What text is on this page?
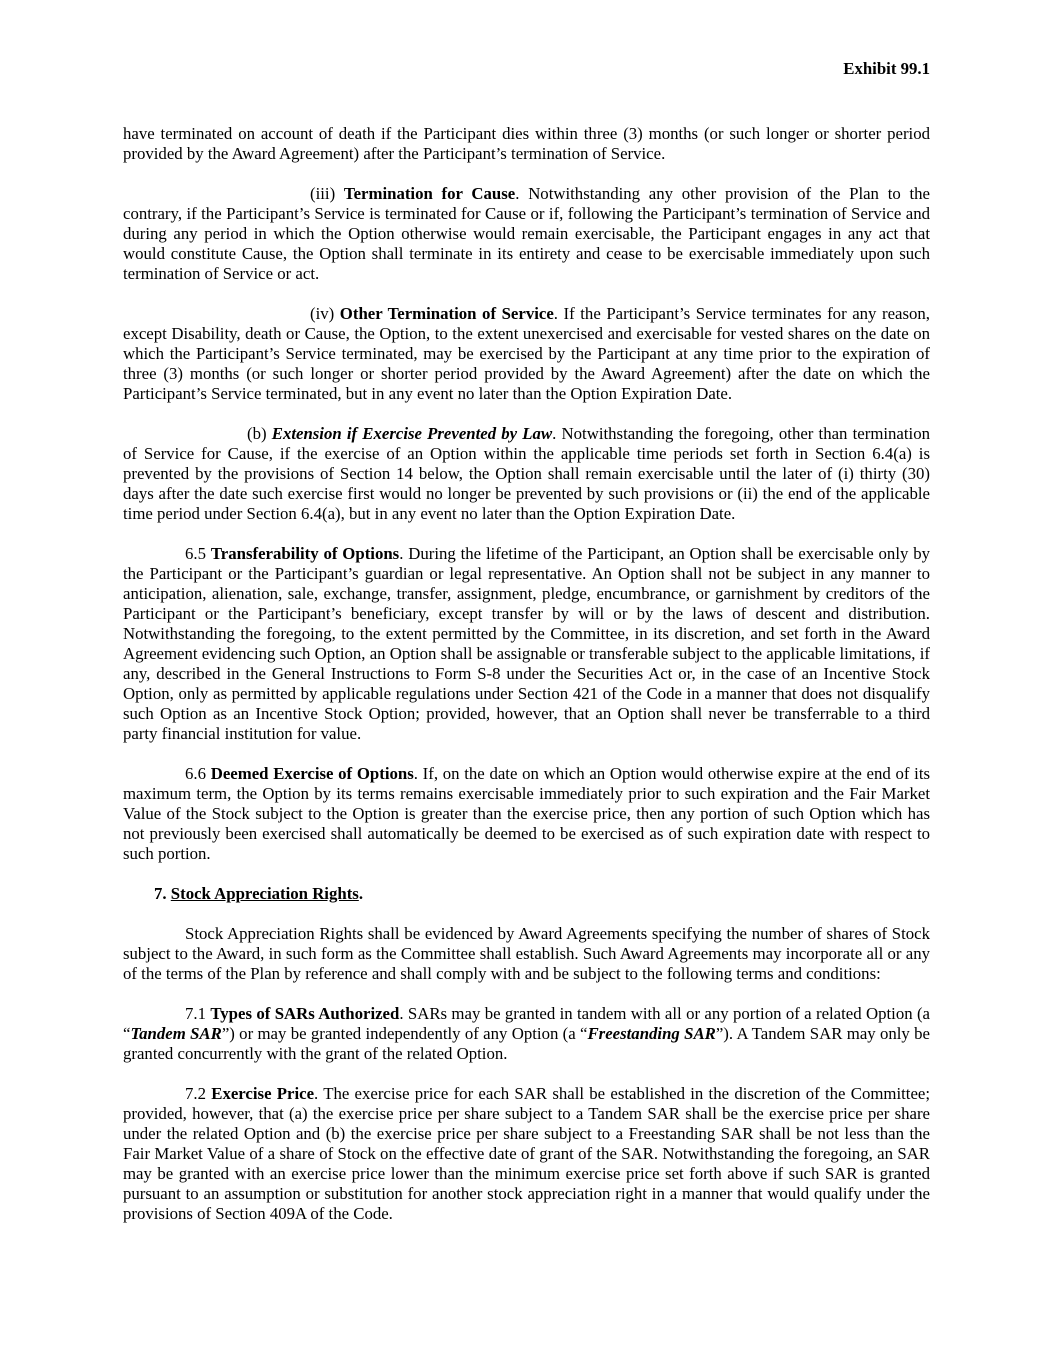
Exhibit 99.1

have terminated on account of death if the Participant dies within three (3) months (or such longer or shorter period provided by the Award Agreement) after the Participant’s termination of Service.

(iii) Termination for Cause. Notwithstanding any other provision of the Plan to the contrary, if the Participant’s Service is terminated for Cause or if, following the Participant’s termination of Service and during any period in which the Option otherwise would remain exercisable, the Participant engages in any act that would constitute Cause, the Option shall terminate in its entirety and cease to be exercisable immediately upon such termination of Service or act.

(iv) Other Termination of Service. If the Participant’s Service terminates for any reason, except Disability, death or Cause, the Option, to the extent unexercised and exercisable for vested shares on the date on which the Participant’s Service terminated, may be exercised by the Participant at any time prior to the expiration of three (3) months (or such longer or shorter period provided by the Award Agreement) after the date on which the Participant’s Service terminated, but in any event no later than the Option Expiration Date.

(b) Extension if Exercise Prevented by Law. Notwithstanding the foregoing, other than termination of Service for Cause, if the exercise of an Option within the applicable time periods set forth in Section 6.4(a) is prevented by the provisions of Section 14 below, the Option shall remain exercisable until the later of (i) thirty (30) days after the date such exercise first would no longer be prevented by such provisions or (ii) the end of the applicable time period under Section 6.4(a), but in any event no later than the Option Expiration Date.

6.5 Transferability of Options. During the lifetime of the Participant, an Option shall be exercisable only by the Participant or the Participant’s guardian or legal representative. An Option shall not be subject in any manner to anticipation, alienation, sale, exchange, transfer, assignment, pledge, encumbrance, or garnishment by creditors of the Participant or the Participant’s beneficiary, except transfer by will or by the laws of descent and distribution. Notwithstanding the foregoing, to the extent permitted by the Committee, in its discretion, and set forth in the Award Agreement evidencing such Option, an Option shall be assignable or transferable subject to the applicable limitations, if any, described in the General Instructions to Form S-8 under the Securities Act or, in the case of an Incentive Stock Option, only as permitted by applicable regulations under Section 421 of the Code in a manner that does not disqualify such Option as an Incentive Stock Option; provided, however, that an Option shall never be transferrable to a third party financial institution for value.

6.6 Deemed Exercise of Options. If, on the date on which an Option would otherwise expire at the end of its maximum term, the Option by its terms remains exercisable immediately prior to such expiration and the Fair Market Value of the Stock subject to the Option is greater than the exercise price, then any portion of such Option which has not previously been exercised shall automatically be deemed to be exercised as of such expiration date with respect to such portion.

7. Stock Appreciation Rights.

Stock Appreciation Rights shall be evidenced by Award Agreements specifying the number of shares of Stock subject to the Award, in such form as the Committee shall establish. Such Award Agreements may incorporate all or any of the terms of the Plan by reference and shall comply with and be subject to the following terms and conditions:

7.1 Types of SARs Authorized. SARs may be granted in tandem with all or any portion of a related Option (a “Tandem SAR”) or may be granted independently of any Option (a “Freestanding SAR”). A Tandem SAR may only be granted concurrently with the grant of the related Option.

7.2 Exercise Price. The exercise price for each SAR shall be established in the discretion of the Committee; provided, however, that (a) the exercise price per share subject to a Tandem SAR shall be the exercise price per share under the related Option and (b) the exercise price per share subject to a Freestanding SAR shall be not less than the Fair Market Value of a share of Stock on the effective date of grant of the SAR. Notwithstanding the foregoing, an SAR may be granted with an exercise price lower than the minimum exercise price set forth above if such SAR is granted pursuant to an assumption or substitution for another stock appreciation right in a manner that would qualify under the provisions of Section 409A of the Code.
